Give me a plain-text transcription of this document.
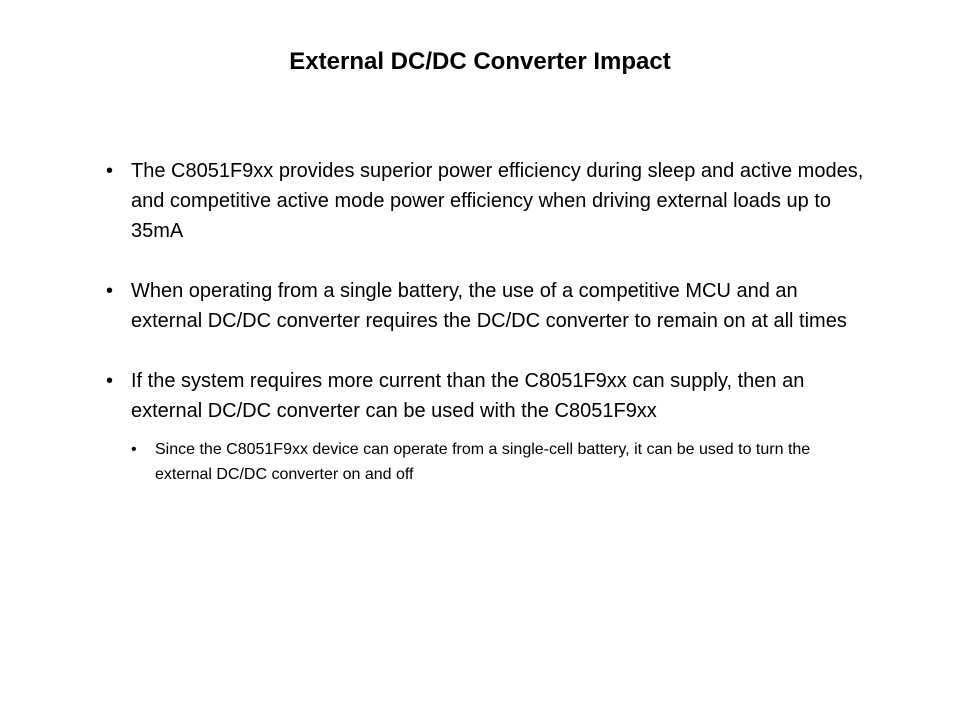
External DC/DC Converter Impact
• The C8051F9xx provides superior power efficiency during sleep and active modes, and competitive active mode power efficiency when driving external loads up to 35mA
• When operating from a single battery, the use of a competitive MCU and an external DC/DC converter requires the DC/DC converter to remain on at all times
• If the system requires more current than the C8051F9xx can supply, then an external DC/DC converter can be used with the C8051F9xx
•	Since the C8051F9xx device can operate from a single-cell battery, it can be used to turn the external DC/DC converter on and off
